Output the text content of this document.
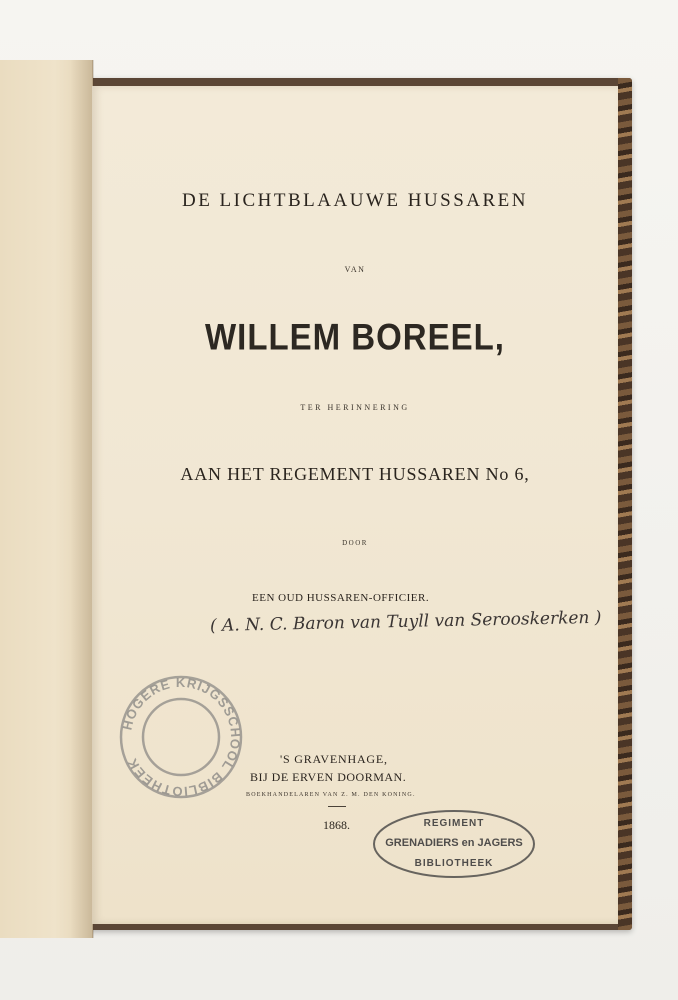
DE LICHTBLAAUWE HUSSAREN
VAN
WILLEM BOREEL,
TER HERINNERING
AAN HET REGEMENT HUSSAREN No 6,
DOOR
EEN OUD HUSSAREN-OFFICIER.
( A. N. C. Baron van Tuyll van Serooskerken )
'S GRAVENHAGE,
BIJ DE ERVEN DOORMAN.
BOEKHANDELAREN VAN Z. M. DEN KONING.
1868.
HOGERE KRIJGSSCHOOL
BIBLIOTHEEK
REGIMENT
GRENADIERS en JAGERS
BIBLIOTHEEK
